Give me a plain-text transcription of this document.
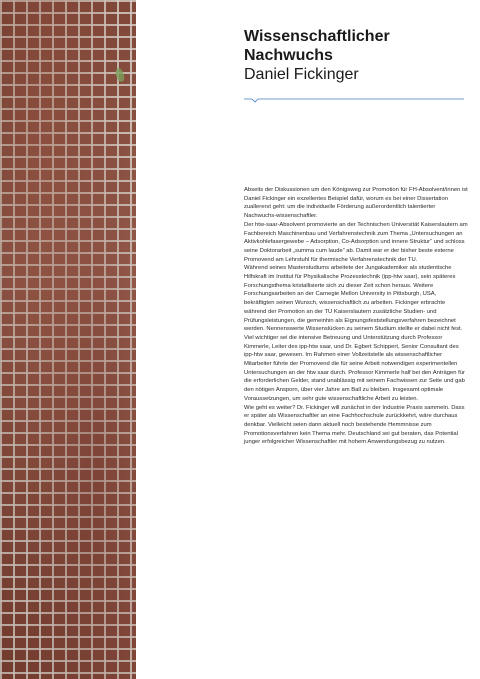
Wissenschaftlicher Nachwuchs
Daniel Fickinger

Abseits der Diskussionen um den Königsweg zur Promotion für FH-Absolvent/innen ist Daniel Fickinger ein exzellentes Beispiel dafür, worum es bei einer Dissertation zuallererst geht: um die individuelle Förderung außerordentlich talentierter Nachwuchs-wissenschaftler.

Der htw-saar-Absolvent promovierte an der Technischen Universität Kaiserslautern am Fachbereich Maschinenbau und Verfahrenstechnik zum Thema „Untersuchungen an Aktivkohlefasergewebe – Adsorption, Co-Adsorption und innere Struktur“ und schloss seine Doktorarbeit „summa cum laude“ ab. Damit war er der bisher beste externe Promovend am Lehrstuhl für thermische Verfahrenstechnik der TU.

Während seines Masterstudiums arbeitete der Jungakademiker als studentische Hilfskraft im Institut für Physikalische Prozesstechnik (ipp-htw saar), sein späteres Forschungsthema kristallisierte sich zu dieser Zeit schon heraus. Weitere Forschungsarbeiten an der Carnegie Mellon University in Pittsburgh, USA, bekräftigten seinen Wunsch, wissenschaftlich zu arbeiten. Fickinger erbrachte während der Promotion an der TU Kaiserslautern zusätzliche Studien- und Prüfungsleistungen, die gemeinhin als Eignungsfeststellungsverfahren bezeichnet werden. Nennenswerte Wissenslücken zu seinem Studium stellte er dabei nicht fest.

Viel wichtiger sei die intensive Betreuung und Unterstützung durch Professor Kimmerle, Leiter des ipp-htw saar, und Dr. Egbert Schippert, Senior Consultant des ipp-htw saar, gewesen. Im Rahmen einer Vollzeitstelle als wissenschaftlicher Mitarbeiter führte der Promovend die für seine Arbeit notwendigen experimentellen Untersuchungen an der htw saar durch. Professor Kimmerle half bei den Anträgen für die erforderlichen Gelder, stand unablässig mit seinem Fachwissen zur Seite und gab den nötigen Ansporn, über vier Jahre am Ball zu bleiben. Insgesamt optimale Voraussetzungen, um sehr gute wissenschaftliche Arbeit zu leisten.

Wie geht es weiter? Dr. Fickinger will zunächst in der Industrie Praxis sammeln. Dass er später als Wissenschaftler an eine Fachhochschule zurückkehrt, wäre durchaus denkbar. Vielleicht seien dann aktuell noch bestehende Hemmnisse zum Promotionsverfahren kein Thema mehr. Deutschland sei gut beraten, das Potential junger erfolgreicher Wissenschaftler mit hohem Anwendungsbezug zu nutzen.
